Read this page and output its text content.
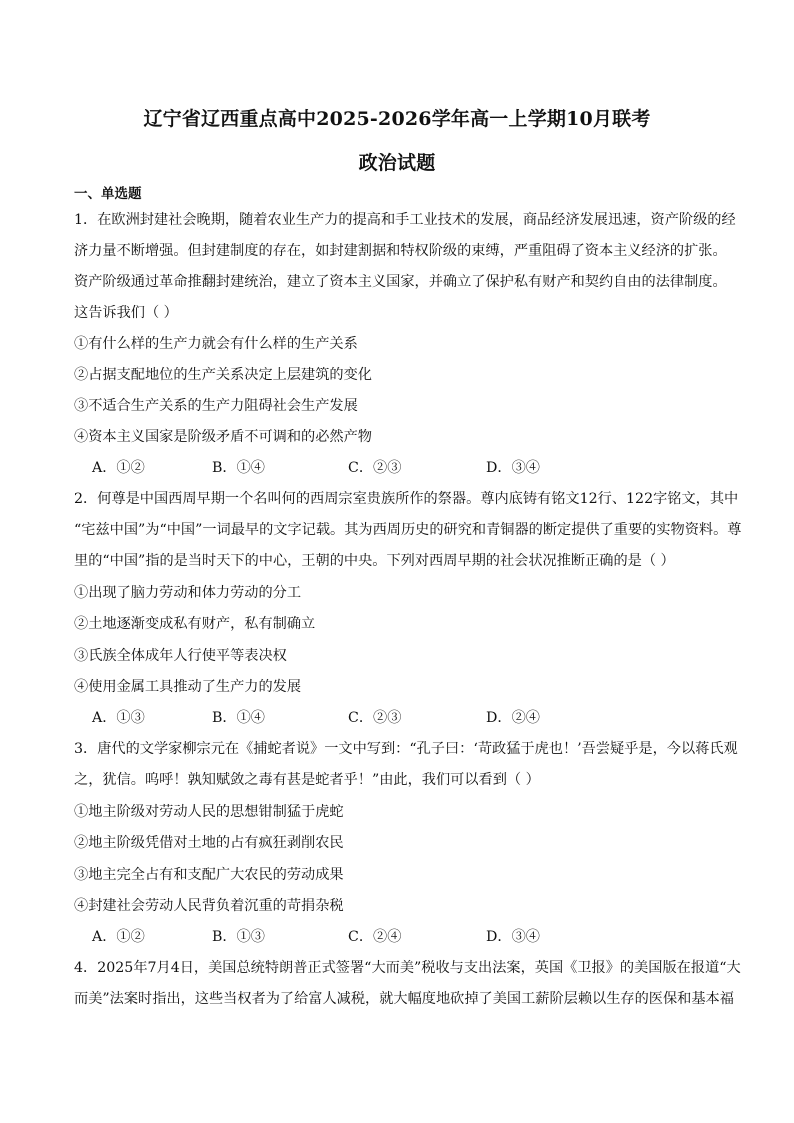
辽宁省辽西重点高中2025-2026学年高一上学期10月联考
政治试题
一、单选题
1．在欧洲封建社会晚期，随着农业生产力的提高和手工业技术的发展，商品经济发展迅速，资产阶级的经
济力量不断增强。但封建制度的存在，如封建割据和特权阶级的束缚，严重阻碍了资本主义经济的扩张。
资产阶级通过革命推翻封建统治，建立了资本主义国家，并确立了保护私有财产和契约自由的法律制度。
这告诉我们（ ）
①有什么样的生产力就会有什么样的生产关系
②占据支配地位的生产关系决定上层建筑的变化
③不适合生产关系的生产力阻碍社会生产发展
④资本主义国家是阶级矛盾不可调和的必然产物
A．①②	B．①④	C．②③	D．③④
2．何尊是中国西周早期一个名叫何的西周宗室贵族所作的祭器。尊内底铸有铭文12行、122字铭文，其中
“宅兹中国”为“中国”一词最早的文字记载。其为西周历史的研究和青铜器的断定提供了重要的实物资料。尊
里的“中国”指的是当时天下的中心，王朝的中央。下列对西周早期的社会状况推断正确的是（ ）
①出现了脑力劳动和体力劳动的分工
②土地逐渐变成私有财产，私有制确立
③氏族全体成年人行使平等表决权
④使用金属工具推动了生产力的发展
A．①③	B．①④	C．②③	D．②④
3．唐代的文学家柳宗元在《捕蛇者说》一文中写到：“孔子曰：‘苛政猛于虎也！’吾尝疑乎是，今以蒋氏观
之，犹信。呜呼！孰知赋敛之毒有甚是蛇者乎！”由此，我们可以看到（ ）
①地主阶级对劳动人民的思想钳制猛于虎蛇
②地主阶级凭借对土地的占有疯狂剥削农民
③地主完全占有和支配广大农民的劳动成果
④封建社会劳动人民背负着沉重的苛捐杂税
A．①②	B．①③	C．②④	D．③④
4．2025年7月4日，美国总统特朗普正式签署“大而美”税收与支出法案，英国《卫报》的美国版在报道“大
而美”法案时指出，这些当权者为了给富人减税，就大幅度地砍掉了美国工薪阶层赖以生存的医保和基本福
